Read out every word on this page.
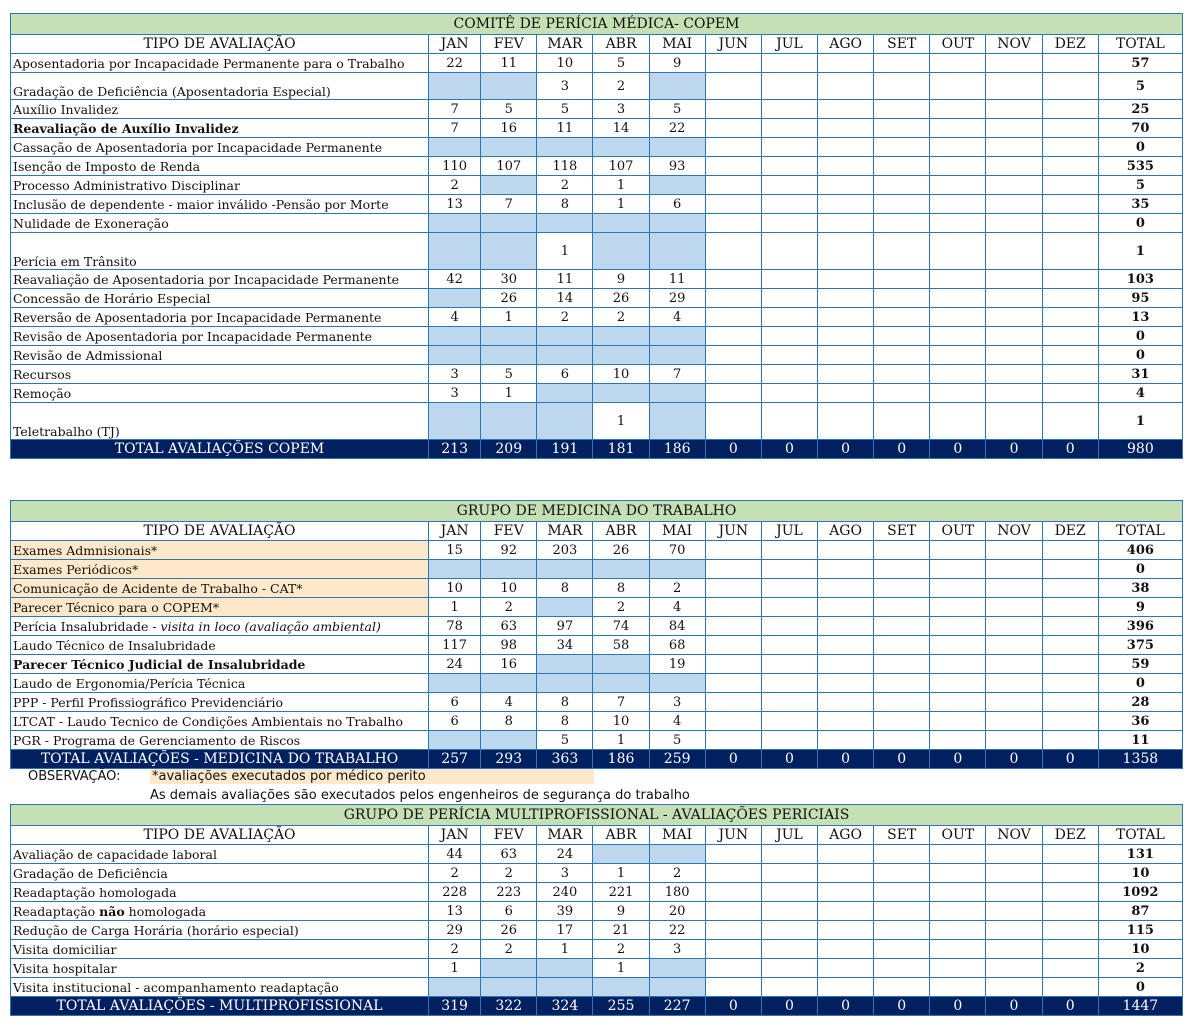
COMITÊ DE PERÍCIA MÉDICA- COPEM													
TIPO DE AVALIAÇÃO	JAN	FEV	MAR	ABR	MAI	JUN	JUL	AGO	SET	OUT	NOV	DEZ	TOTAL
Aposentadoria por Incapacidade Permanente para o Trabalho	22	11	10	5	9								57
Gradação de Deficiência (Aposentadoria Especial)			3	2									5
Auxílio Invalidez	7	5	5	3	5								25
Reavaliação de Auxílio Invalidez	7	16	11	14	22								70
Cassação de Aposentadoria por Incapacidade Permanente													0
Isenção de Imposto de Renda	110	107	118	107	93								535
Processo Administrativo Disciplinar	2		2	1									5
Inclusão de dependente - maior inválido -Pensão por Morte	13	7	8	1	6								35
Nulidade de Exoneração													0
Perícia em Trânsito			1										1
Reavaliação de Aposentadoria por Incapacidade Permanente	42	30	11	9	11								103
Concessão de Horário Especial		26	14	26	29								95
Reversão de Aposentadoria por Incapacidade Permanente	4	1	2	2	4								13
Revisão de Aposentadoria por Incapacidade Permanente													0
Revisão de Admissional													0
Recursos	3	5	6	10	7								31
Remoção	3	1											4
Teletrabalho (TJ)				1									1
TOTAL AVALIAÇÕES COPEM	213	209	191	181	186	0	0	0	0	0	0	0	980
GRUPO DE MEDICINA DO TRABALHO													
TIPO DE AVALIAÇÃO	JAN	FEV	MAR	ABR	MAI	JUN	JUL	AGO	SET	OUT	NOV	DEZ	TOTAL
Exames Admnisionais*	15	92	203	26	70								406
Exames Periódicos*													0
Comunicação de Acidente de Trabalho - CAT*	10	10	8	8	2								38
Parecer Técnico para o COPEM*	1	2		2	4								9
Perícia Insalubridade - visita in loco (avaliação ambiental)	78	63	97	74	84								396
Laudo Técnico de Insalubridade	117	98	34	58	68								375
Parecer Técnico Judicial de Insalubridade	24	16			19								59
Laudo de Ergonomia/Perícia Técnica													0
PPP - Perfil Profissiográfico Previdenciário	6	4	8	7	3								28
LTCAT - Laudo Tecnico de Condições Ambientais no Trabalho	6	8	8	10	4								36
PGR - Programa de Gerenciamento de Riscos			5	1	5								11
TOTAL AVALIAÇÕES - MEDICINA DO TRABALHO	257	293	363	186	259	0	0	0	0	0	0	0	1358
OBSERVAÇÃO: *avaliações executados por médico perito
As demais avaliações são executados pelos engenheiros de segurança do trabalho
GRUPO DE PERÍCIA MULTIPROFISSIONAL - AVALIAÇÕES PERICIAIS													
TIPO DE AVALIAÇÃO	JAN	FEV	MAR	ABR	MAI	JUN	JUL	AGO	SET	OUT	NOV	DEZ	TOTAL
Avaliação de capacidade laboral	44	63	24										131
Gradação de Deficiência	2	2	3	1	2								10
Readaptação homologada	228	223	240	221	180								1092
Readaptação não homologada	13	6	39	9	20								87
Redução de Carga Horária (horário especial)	29	26	17	21	22								115
Visita domiciliar	2	2	1	2	3								10
Visita hospitalar	1			1									2
Visita institucional - acompanhamento readaptação													0
TOTAL AVALIAÇÕES - MULTIPROFISSIONAL	319	322	324	255	227	0	0	0	0	0	0	0	1447
